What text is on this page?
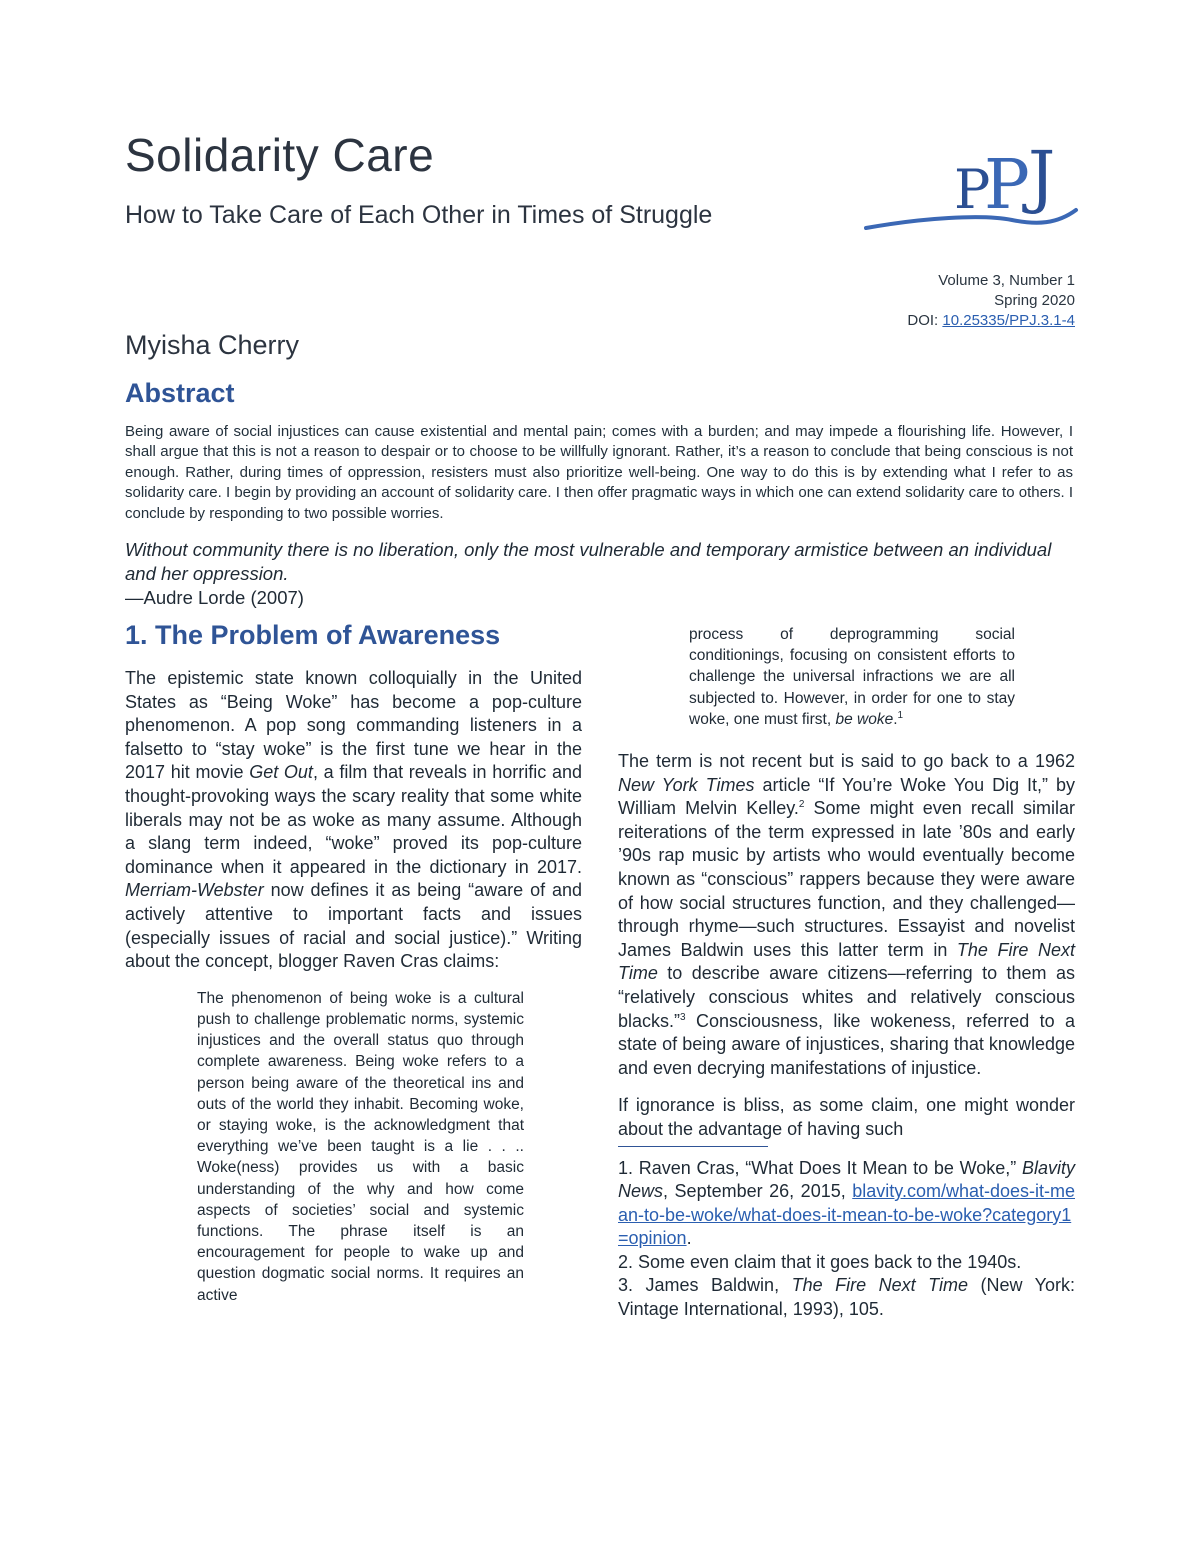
Solidarity Care
How to Take Care of Each Other in Times of Struggle	P
P
J
Volume 3, Number 1
Spring 2020
DOI: 10.25335/PPJ.3.1-4
Myisha Cherry
Abstract
Being aware of social injustices can cause existential and mental pain; comes with a burden; and may impede a flourishing life. However, I shall argue that this is not a reason to despair or to choose to be willfully ignorant. Rather, it’s a reason to conclude that being conscious is not enough. Rather, during times of oppression, resisters must also prioritize well-being. One way to do this is by extending what I refer to as solidarity care. I begin by providing an account of solidarity care. I then offer pragmatic ways in which one can extend solidarity care to others. I conclude by responding to two possible worries.
Without community there is no liberation, only the most vulnerable and temporary armistice between an individual and her oppression.
—Audre Lorde (2007)
1. The Problem of Awareness

The epistemic state known colloquially in the United States as “Being Woke” has become a pop-culture phenomenon. A pop song commanding listeners in a falsetto to “stay woke” is the first tune we hear in the 2017 hit movie Get Out, a film that reveals in horrific and thought-provoking ways the scary reality that some white liberals may not be as woke as many assume. Although a slang term indeed, “woke” proved its pop-culture dominance when it appeared in the dictionary in 2017. Merriam-Webster now defines it as being “aware of and actively attentive to important facts and issues (especially issues of racial and social justice).” Writing about the concept, blogger Raven Cras claims:

The phenomenon of being woke is a cultural push to challenge problematic norms, systemic injustices and the overall status quo through complete awareness. Being woke refers to a person being aware of the theoretical ins and outs of the world they inhabit. Becoming woke, or staying woke, is the acknowledgment that everything we’ve been taught is a lie . . .. Woke(ness) provides us with a basic understanding of the why and how come aspects of societies’ social and systemic functions. The phrase itself is an encouragement for people to wake up and question dogmatic social norms. It requires an active
process of deprogramming social conditionings, focusing on consistent efforts to challenge the universal infractions we are all subjected to. However, in order for one to stay woke, one must first, be woke.$^1$

The term is not recent but is said to go back to a 1962 New York Times article “If You’re Woke You Dig It,” by William Melvin Kelley.$^2$ Some might even recall similar reiterations of the term expressed in late ’80s and early ’90s rap music by artists who would eventually become known as “conscious” rappers because they were aware of how social structures function, and they challenged—through rhyme—such structures. Essayist and novelist James Baldwin uses this latter term in The Fire Next Time to describe aware citizens—referring to them as “relatively conscious whites and relatively conscious blacks.”$^3$ Consciousness, like wokeness, referred to a state of being aware of injustices, sharing that knowledge and even decrying manifestations of injustice.

If ignorance is bliss, as some claim, one might wonder about the advantage of having such

1. Raven Cras, “What Does It Mean to be Woke,” Blavity News, September 26, 2015, blavity.com/what-does-it-mean-to-be-woke/what-does-it-mean-to-be-woke?category1=opinion.

2. Some even claim that it goes back to the 1940s.

3. James Baldwin, The Fire Next Time (New York: Vintage International, 1993), 105.
